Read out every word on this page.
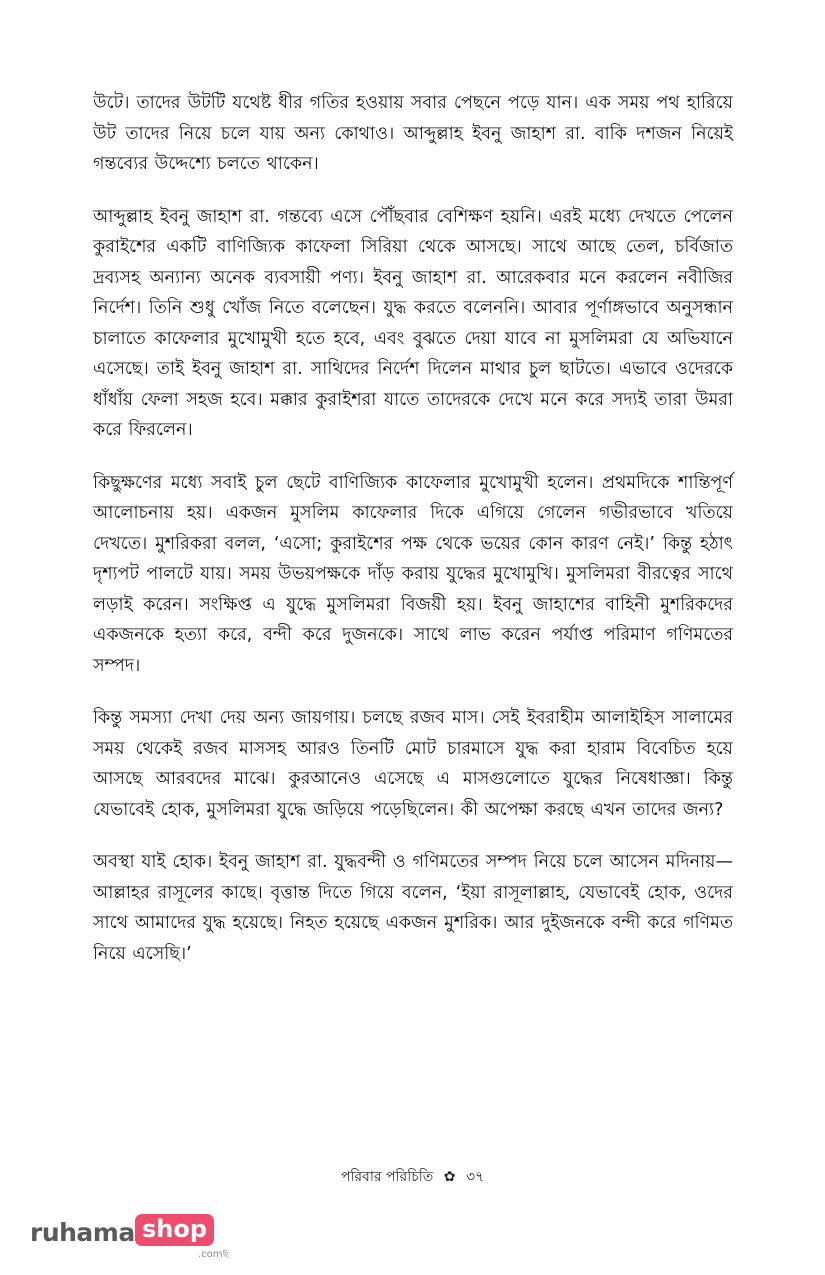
উটে। তাদের উটটি যথেষ্ট ধীর গতির হওয়ায় সবার পেছনে পড়ে যান। এক সময় পথ হারিয়ে উট তাদের নিয়ে চলে যায় অন্য কোথাও। আব্দুল্লাহ ইবনু জাহাশ রা. বাকি দশজন নিয়েই গন্তব্যের উদ্দেশ্যে চলতে থাকেন।

আব্দুল্লাহ ইবনু জাহাশ রা. গন্তব্যে এসে পৌঁছবার বেশিক্ষণ হয়নি। এরই মধ্যে দেখতে পেলেন কুরাইশের একটি বাণিজ্যিক কাফেলা সিরিয়া থেকে আসছে। সাথে আছে তেল, চর্বিজাত দ্রব্যসহ অন্যান্য অনেক ব্যবসায়ী পণ্য। ইবনু জাহাশ রা. আরেকবার মনে করলেন নবীজির নির্দেশ। তিনি শুধু খোঁজ নিতে বলেছেন। যুদ্ধ করতে বলেননি। আবার পূর্ণাঙ্গভাবে অনুসন্ধান চালাতে কাফেলার মুখোমুখী হতে হবে, এবং বুঝতে দেয়া যাবে না মুসলিমরা যে অভিযানে এসেছে। তাই ইবনু জাহাশ রা. সাথিদের নির্দেশ দিলেন মাথার চুল ছাটতে। এভাবে ওদেরকে ধাঁধাঁয় ফেলা সহজ হবে। মক্কার কুরাইশরা যাতে তাদেরকে দেখে মনে করে সদ্যই তারা উমরা করে ফিরলেন।

কিছুক্ষণের মধ্যে সবাই চুল ছেটে বাণিজ্যিক কাফেলার মুখোমুখী হলেন। প্রথমদিকে শান্তিপূর্ণ আলোচনায় হয়। একজন মুসলিম কাফেলার দিকে এগিয়ে গেলেন গভীরভাবে খতিয়ে দেখতে। মুশরিকরা বলল, ‘এসো; কুরাইশের পক্ষ থেকে ভয়ের কোন কারণ নেই।’ কিন্তু হঠাৎ দৃশ্যপট পালটে যায়। সময় উভয়পক্ষকে দাঁড় করায় যুদ্ধের মুখোমুখি। মুসলিমরা বীরত্বের সাথে লড়াই করেন। সংক্ষিপ্ত এ যুদ্ধে মুসলিমরা বিজয়ী হয়। ইবনু জাহাশের বাহিনী মুশরিকদের একজনকে হত্যা করে, বন্দী করে দুজনকে। সাথে লাভ করেন পর্যাপ্ত পরিমাণ গণিমতের সম্পদ।

কিন্তু সমস্যা দেখা দেয় অন্য জায়গায়। চলছে রজব মাস। সেই ইবরাহীম আলাইহিস সালামের সময় থেকেই রজব মাসসহ আরও তিনটি মোট চারমাসে যুদ্ধ করা হারাম বিবেচিত হয়ে আসছে আরবদের মাঝে। কুরআনেও এসেছে এ মাসগুলোতে যুদ্ধের নিষেধাজ্ঞা। কিন্তু যেভাবেই হোক, মুসলিমরা যুদ্ধে জড়িয়ে পড়েছিলেন। কী অপেক্ষা করছে এখন তাদের জন্য?

অবস্থা যাই হোক। ইবনু জাহাশ রা. যুদ্ধবন্দী ও গণিমতের সম্পদ নিয়ে চলে আসেন মদিনায়—আল্লাহর রাসূলের কাছে। বৃত্তান্ত দিতে গিয়ে বলেন, ‘ইয়া রাসূলাল্লাহ, যেভাবেই হোক, ওদের সাথে আমাদের যুদ্ধ হয়েছে। নিহত হয়েছে একজন মুশরিক। আর দুইজনকে বন্দী করে গণিমত নিয়ে এসেছি।’

পরিবার পরিচিতি ✿ ৩৭
ruhama shop
.comছ
